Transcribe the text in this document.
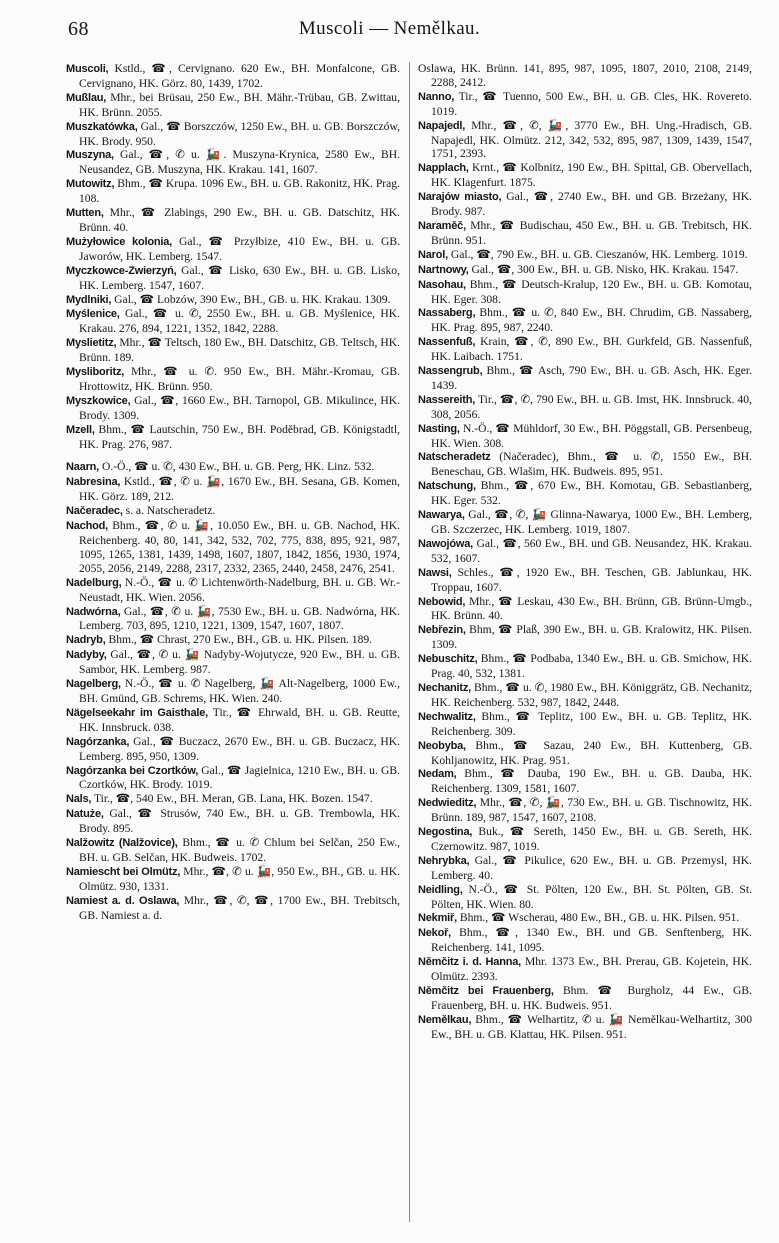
68	Muscoli — Nemělkau.

Muscoli, Kstld., ☎, Cervignano. 620 Ew., BH. Monfalcone, GB. Cervignano, HK. Görz. 80, 1439, 1702.

Mußlau, Mhr., bei Brüsau, 250 Ew., BH. Mähr.-Trübau, GB. Zwittau, HK. Brünn. 2055.

Muszkatówka, Gal., ☎ Borszczów, 1250 Ew., BH. u. GB. Borszczów, HK. Brody. 950.

Muszyna, Gal., ☎, ✆ u. 🚂. Muszyna-Krynica, 2580 Ew., BH. Neusandez, GB. Muszyna, HK. Krakau. 141, 1607.

Mutowitz, Bhm., ☎ Krupa. 1096 Ew., BH. u. GB. Rakonitz, HK. Prag. 108.

Mutten, Mhr., ☎ Zlabings, 290 Ew., BH. u. GB. Datschitz, HK. Brünn. 40.

Mużyłowice kolonia, Gal., ☎ Przyłbize, 410 Ew., BH. u. GB. Jaworów, HK. Lemberg. 1547.

Myczkowce-Zwierzyń, Gal., ☎ Lisko, 630 Ew., BH. u. GB. Lisko, HK. Lemberg. 1547, 1607.

Mydlniki, Gal., ☎ Lobzów, 390 Ew., BH., GB. u. HK. Krakau. 1309.

Myślenice, Gal., ☎ u. ✆, 2550 Ew., BH. u. GB. Myślenice, HK. Krakau. 276, 894, 1221, 1352, 1842, 2288.

Myslietitz, Mhr., ☎ Teltsch, 180 Ew., BH. Datschitz, GB. Teltsch, HK. Brünn. 189.

Mysliboritz, Mhr., ☎ u. ✆. 950 Ew., BH. Mähr.-Kromau, GB. Hrottowitz, HK. Brünn. 950.

Myszkowice, Gal., ☎, 1660 Ew., BH. Tarnopol, GB. Mikulince, HK. Brody. 1309.

Mzell, Bhm., ☎ Lautschin, 750 Ew., BH. Poděbrad, GB. Königstadtl, HK. Prag. 276, 987.

Naarn, O.-Ö., ☎ u. ✆, 430 Ew., BH. u. GB. Perg, HK. Linz. 532.

Nabresina, Kstld., ☎, ✆ u. 🚂, 1670 Ew., BH. Sesana, GB. Komen, HK. Görz. 189, 212.

Načeradec, s. a. Natscheradetz.

Nachod, Bhm., ☎, ✆ u. 🚂, 10.050 Ew., BH. u. GB. Nachod, HK. Reichenberg. 40, 80, 141, 342, 532, 702, 775, 838, 895, 921, 987, 1095, 1265, 1381, 1439, 1498, 1607, 1807, 1842, 1856, 1930, 1974, 2055, 2056, 2149, 2288, 2317, 2332, 2365, 2440, 2458, 2476, 2541.

Nadelburg, N.-Ö., ☎ u. ✆ Lichtenwörth-Nadelburg, BH. u. GB. Wr.-Neustadt, HK. Wien. 2056.

Nadwórna, Gal., ☎, ✆ u. 🚂, 7530 Ew., BH. u. GB. Nadwórna, HK. Lemberg. 703, 895, 1210, 1221, 1309, 1547, 1607, 1807.

Nadryb, Bhm., ☎ Chrast, 270 Ew., BH., GB. u. HK. Pilsen. 189.

Nadyby, Gal., ☎, ✆ u. 🚂 Nadyby-Wojutycze, 920 Ew., BH. u. GB. Sambor, HK. Lemberg. 987.

Nagelberg, N.-Ö., ☎ u. ✆ Nagelberg, 🚂 Alt-Nagelberg, 1000 Ew., BH. Gmünd, GB. Schrems, HK. Wien. 240.

Nägelseekahr im Gaisthale, Tir., ☎ Ehrwald, BH. u. GB. Reutte, HK. Innsbruck. 038.

Nagórzanka, Gal., ☎ Buczacz, 2670 Ew., BH. u. GB. Buczacz, HK. Lemberg. 895, 950, 1309.

Nagórzanka bei Czortków, Gal., ☎ Jagielnica, 1210 Ew., BH. u. GB. Czortków, HK. Brody. 1019.

Nals, Tir., ☎, 540 Ew., BH. Meran, GB. Lana, HK. Bozen. 1547.

Natuże, Gal., ☎ Strusów, 740 Ew., BH. u. GB. Trembowla, HK. Brody. 895.

Nalžowitz (Nalžovice), Bhm., ☎ u. ✆ Chlum bei Selčan, 250 Ew., BH. u. GB. Selčan, HK. Budweis. 1702.

Namiescht bei Olmütz, Mhr., ☎, ✆ u. 🚂, 950 Ew., BH., GB. u. HK. Olmütz. 930, 1331.

Namiest a. d. Oslawa, Mhr., ☎, ✆, ☎, 1700 Ew., BH. Trebitsch, GB. Namiest a. d.

Oslawa, HK. Brünn. 141, 895, 987, 1095, 1807, 2010, 2108, 2149, 2288, 2412.

Nanno, Tir., ☎ Tuenno, 500 Ew., BH. u. GB. Cles, HK. Rovereto. 1019.

Napajedl, Mhr., ☎, ✆, 🚂, 3770 Ew., BH. Ung.-Hradisch, GB. Napajedl, HK. Olmütz. 212, 342, 532, 895, 987, 1309, 1439, 1547, 1751, 2393.

Napplach, Krnt., ☎ Kolbnitz, 190 Ew., BH. Spittal, GB. Obervellach, HK. Klagenfurt. 1875.

Narajów miasto, Gal., ☎, 2740 Ew., BH. und GB. Brzeżany, HK. Brody. 987.

Naraměč, Mhr., ☎ Budischau, 450 Ew., BH. u. GB. Trebitsch, HK. Brünn. 951.

Narol, Gal., ☎, 790 Ew., BH. u. GB. Cieszanów, HK. Lemberg. 1019.

Nartnowy, Gal., ☎, 300 Ew., BH. u. GB. Nisko, HK. Krakau. 1547.

Nasohau, Bhm., ☎ Deutsch-Kralup, 120 Ew., BH. u. GB. Komotau, HK. Eger. 308.

Nassaberg, Bhm., ☎ u. ✆, 840 Ew., BH. Chrudim, GB. Nassaberg, HK. Prag. 895, 987, 2240.

Nassenfuß, Krain, ☎, ✆, 890 Ew., BH. Gurkfeld, GB. Nassenfuß, HK. Laibach. 1751.

Nassengrub, Bhm., ☎ Asch, 790 Ew., BH. u. GB. Asch, HK. Eger. 1439.

Nassereith, Tir., ☎, ✆, 790 Ew., BH. u. GB. Imst, HK. Innsbruck. 40, 308, 2056.

Nasting, N.-Ö., ☎ Mühldorf, 30 Ew., BH. Pöggstall, GB. Persenbeug, HK. Wien. 308.

Natscheradetz (Načeradec), Bhm., ☎ u. ✆, 1550 Ew., BH. Beneschau, GB. Wlašim, HK. Budweis. 895, 951.

Natschung, Bhm., ☎, 670 Ew., BH. Komotau, GB. Sebastianberg, HK. Eger. 532.

Nawarya, Gal., ☎, ✆, 🚂 Glinna-Nawarya, 1000 Ew., BH. Lemberg, GB. Szczerzec, HK. Lemberg. 1019, 1807.

Nawojówa, Gal., ☎, 560 Ew., BH. und GB. Neusandez, HK. Krakau. 532, 1607.

Nawsi, Schles., ☎, 1920 Ew., BH. Teschen, GB. Jablunkau, HK. Troppau, 1607.

Nebowid, Mhr., ☎ Leskau, 430 Ew., BH. Brünn, GB. Brünn-Umgb., HK. Brünn. 40.

Nebřezin, Bhm, ☎ Plaß, 390 Ew., BH. u. GB. Kralowitz, HK. Pilsen. 1309.

Nebuschitz, Bhm., ☎ Podbaba, 1340 Ew., BH. u. GB. Smichow, HK. Prag. 40, 532, 1381.

Nechanitz, Bhm., ☎ u. ✆, 1980 Ew., BH. Königgrätz, GB. Nechanitz, HK. Reichenberg. 532, 987, 1842, 2448.

Nechwalitz, Bhm., ☎ Teplitz, 100 Ew., BH. u. GB. Teplitz, HK. Reichenberg. 309.

Neobyba, Bhm., ☎ Sazau, 240 Ew., BH. Kuttenberg, GB. Kohljanowitz, HK. Prag. 951.

Nedam, Bhm., ☎ Dauba, 190 Ew., BH. u. GB. Dauba, HK. Reichenberg. 1309, 1581, 1607.

Nedwieditz, Mhr., ☎, ✆, 🚂, 730 Ew., BH. u. GB. Tischnowitz, HK. Brünn. 189, 987, 1547, 1607, 2108.

Negostina, Buk., ☎ Sereth, 1450 Ew., BH. u. GB. Sereth, HK. Czernowitz. 987, 1019.

Nehrybka, Gal., ☎ Pikulice, 620 Ew., BH. u. GB. Przemysl, HK. Lemberg. 40.

Neidling, N.-Ö., ☎ St. Pölten, 120 Ew., BH. St. Pölten, GB. St. Pölten, HK. Wien. 80.

Nekmiř, Bhm., ☎ Wscherau, 480 Ew., BH., GB. u. HK. Pilsen. 951.

Nekoř, Bhm., ☎, 1340 Ew., BH. und GB. Senftenberg, HK. Reichenberg. 141, 1095.

Němčitz i. d. Hanna, Mhr. 1373 Ew., BH. Prerau, GB. Kojetein, HK. Olmütz. 2393.

Němčitz bei Frauenberg, Bhm. ☎ Burgholz, 44 Ew., GB. Frauenberg, BH. u. HK. Budweis. 951.

Nemělkau, Bhm., ☎ Welhartitz, ✆ u. 🚂 Nemělkau-Welhartitz, 300 Ew., BH. u. GB. Klattau, HK. Pilsen. 951.
